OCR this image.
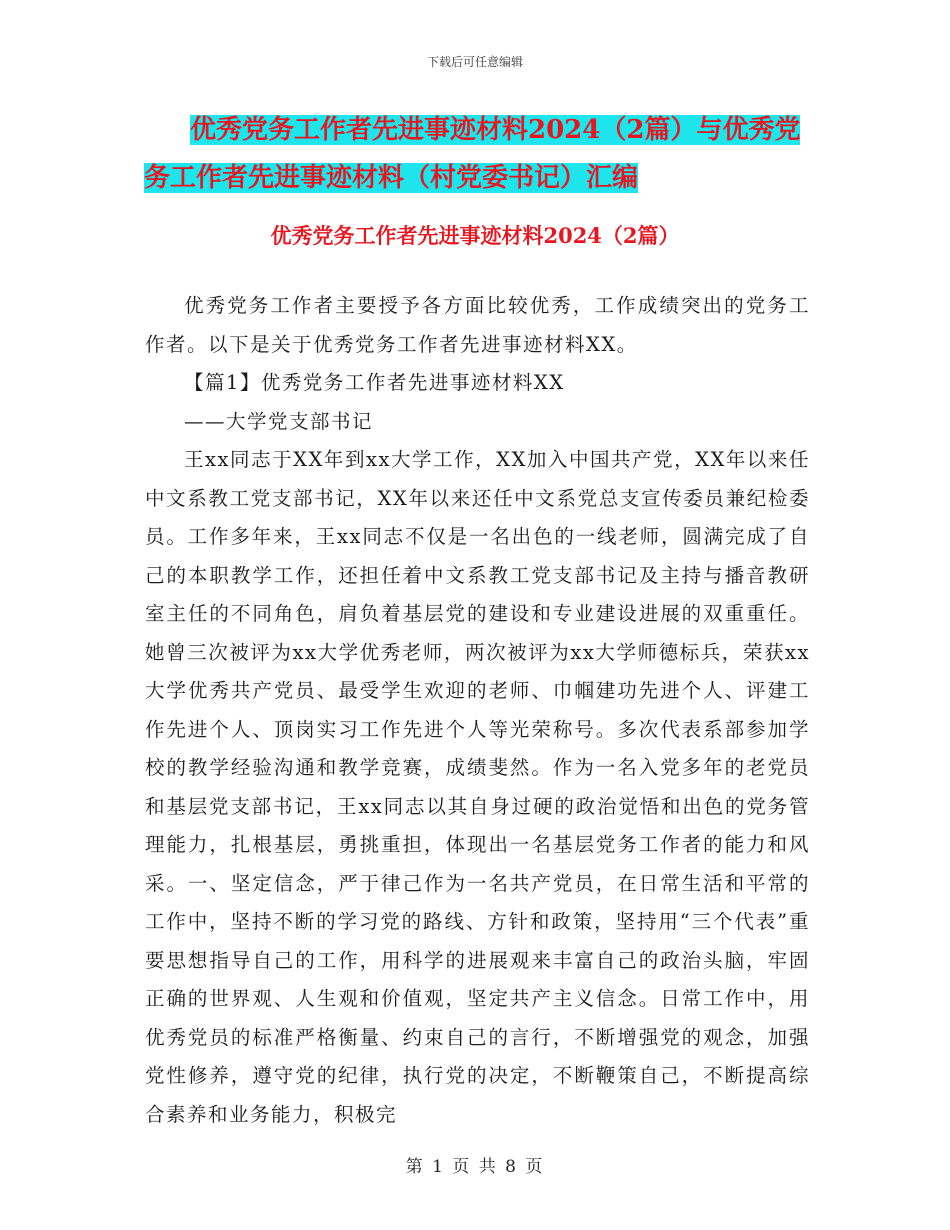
下载后可任意编辑
优秀党务工作者先进事迹材料2024（2篇）与优秀党
务工作者先进事迹材料（村党委书记）汇编
优秀党务工作者先进事迹材料2024（2篇）

优秀党务工作者主要授予各方面比较优秀，工作成绩突出的党务工作者。以下是关于优秀党务工作者先进事迹材料XX。

【篇1】优秀党务工作者先进事迹材料XX

——大学党支部书记

王xx同志于XX年到xx大学工作，XX加入中国共产党，XX年以来任中文系教工党支部书记，XX年以来还任中文系党总支宣传委员兼纪检委员。工作多年来，王xx同志不仅是一名出色的一线老师，圆满完成了自己的本职教学工作，还担任着中文系教工党支部书记及主持与播音教研室主任的不同角色，肩负着基层党的建设和专业建设进展的双重重任。她曾三次被评为xx大学优秀老师，两次被评为xx大学师德标兵，荣获xx大学优秀共产党员、最受学生欢迎的老师、巾帼建功先进个人、评建工作先进个人、顶岗实习工作先进个人等光荣称号。多次代表系部参加学校的教学经验沟通和教学竞赛，成绩斐然。作为一名入党多年的老党员和基层党支部书记，王xx同志以其自身过硬的政治觉悟和出色的党务管理能力，扎根基层，勇挑重担，体现出一名基层党务工作者的能力和风采。一、坚定信念，严于律己作为一名共产党员，在日常生活和平常的工作中，坚持不断的学习党的路线、方针和政策，坚持用“三个代表”重要思想指导自己的工作，用科学的进展观来丰富自己的政治头脑，牢固正确的世界观、人生观和价值观，坚定共产主义信念。日常工作中，用优秀党员的标准严格衡量、约束自己的言行，不断增强党的观念，加强党性修养，遵守党的纪律，执行党的决定，不断鞭策自己，不断提高综合素养和业务能力，积极完

第 1 页 共 8 页
